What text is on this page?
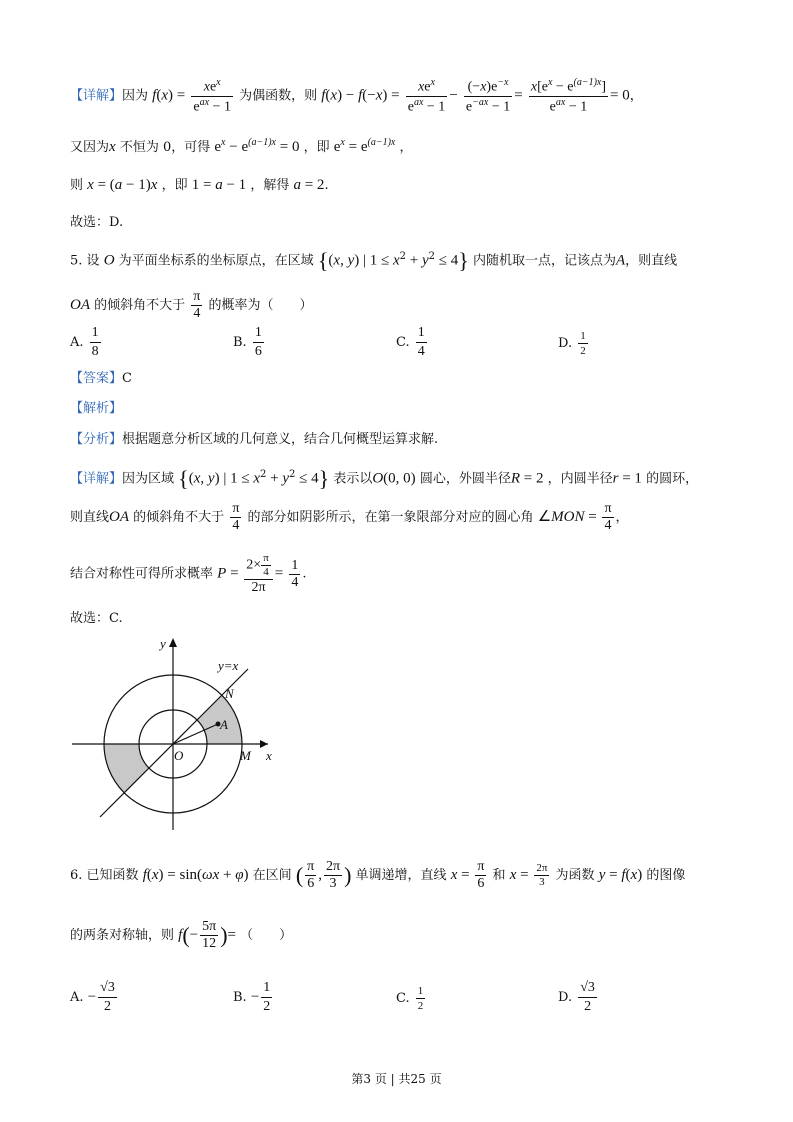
【详解】因为 $f(x) = \frac{xe^x}{e^{ax} - 1}$ 为偶函数，则 $f(x) - f(-x) = \frac{xe^x}{e^{ax} - 1} - \frac{(-x)e^{-x}}{e^{-ax} - 1} = \frac{x[e^x - e^{(a-1)x}]}{e^{ax} - 1} = 0$，
又因为x 不恒为 0，可得 $e^x - e^{(a-1)x} = 0$ ，即 $e^x = e^{(a-1)x}$ ，
则 x = (a − 1)x ，即 1 = a − 1 ，解得 a = 2.
故选：D.
5. 设 O 为平面坐标系的坐标原点，在区域 {(x, y) | $1 \le x^2 + y^2 \le 4$} 内随机取一点，记该点为A，则直线
OA 的倾斜角不大于 $\frac{\pi}{4}$ 的概率为（　　）
A. $\frac{1}{8}$	B. $\frac{1}{6}$	C. $\frac{1}{4}$	D. $\frac{1}{2}$
【答案】C
【解析】
【分析】根据题意分析区域的几何意义，结合几何概型运算求解.
【详解】因为区域 {(x, y) | $1 \le x^2 + y^2 \le 4$} 表示以O(0, 0) 圆心，外圆半径R = 2 ，内圆半径r = 1 的圆环，
则直线OA 的倾斜角不大于 $\frac{\pi}{4}$ 的部分如阴影所示，在第一象限部分对应的圆心角 ∠MON = $\frac{\pi}{4}$ ，
结合对称性可得所求概率 $P = \frac{2\times \frac{\pi}{4}}{2\pi} = \frac{1}{4}$ .
故选：C.
y
x
y=x
N
A
O	M
6. 已知函数 f(x) = sin(ωx + φ) 在区间 ( $\frac{\pi}{6}$ , $\frac{2\pi}{3}$ ) 单调递增，直线 $x = \frac{\pi}{6}$ 和 $x = \frac{2\pi}{3}$ 为函数 y = f(x) 的图像
的两条对称轴，则 $f(- \frac{5\pi}{12}$ )= （　　）
A. − $\frac{√3}{2}$	B. − $\frac{1}{2}$	C. $\frac{1}{2}$	D. $\frac{√3}{2}$
第3 页 | 共25 页
